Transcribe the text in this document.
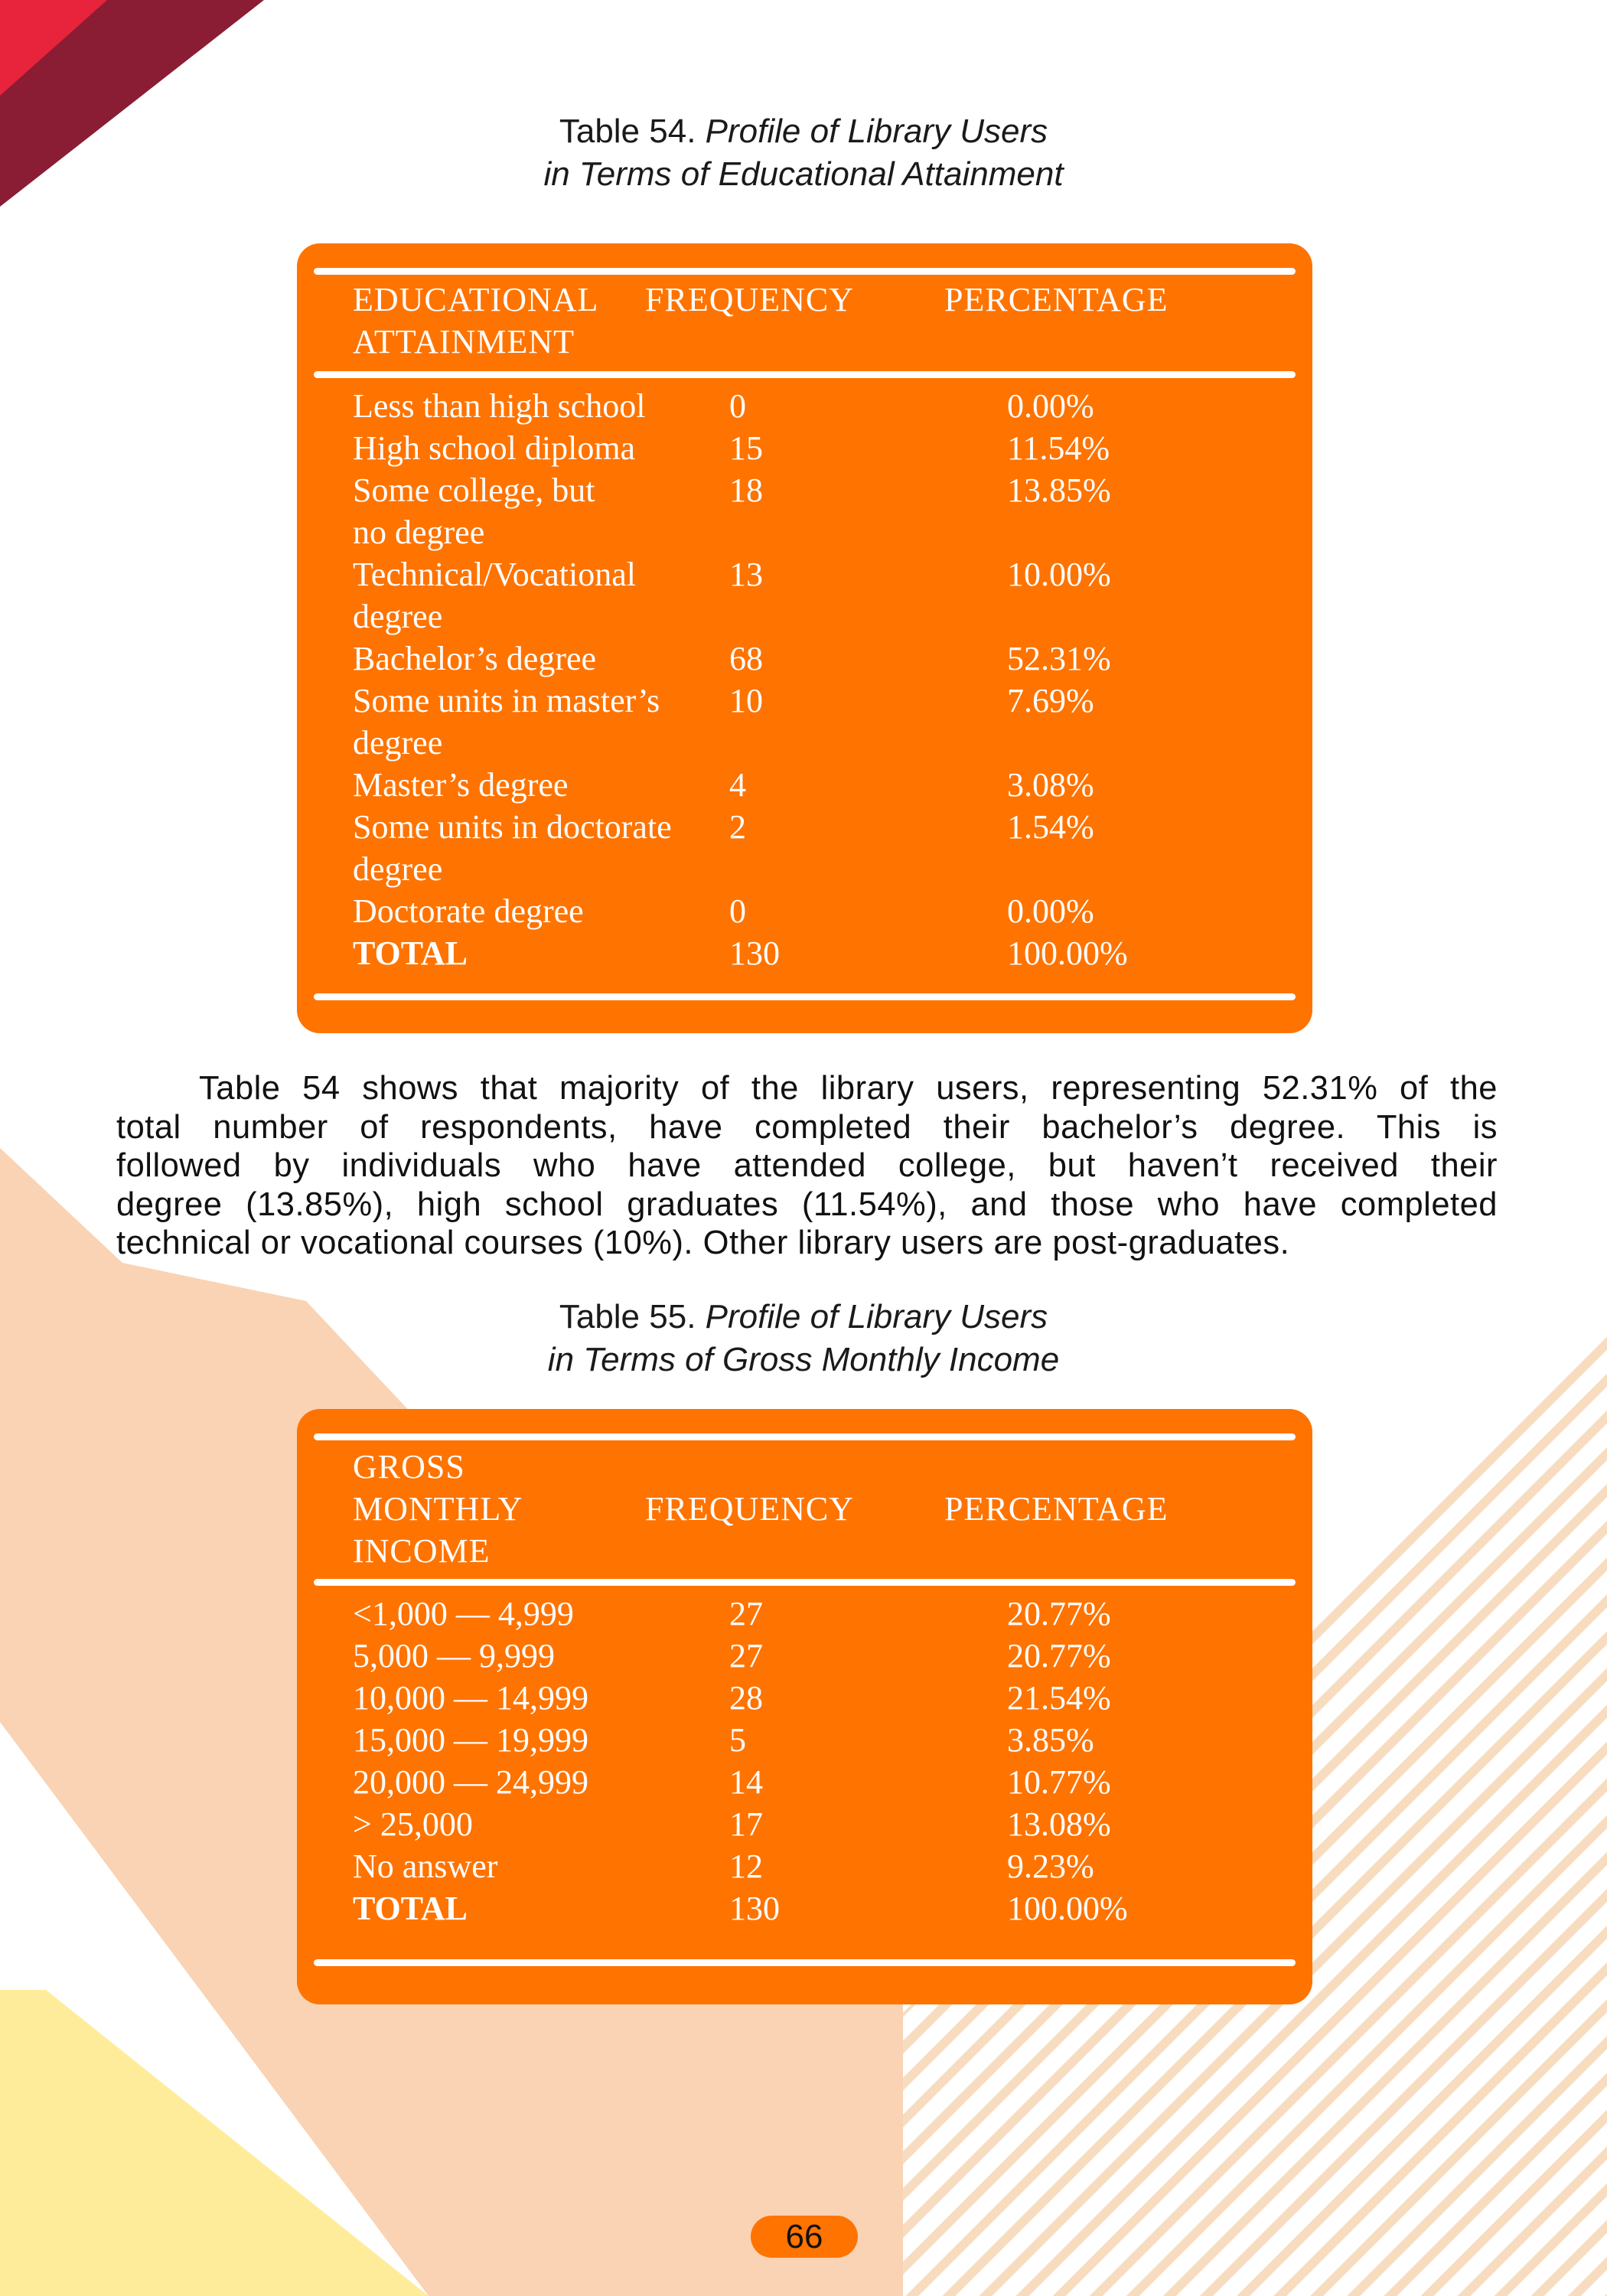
Table 54. Profile of Library Users
in Terms of Educational Attainment
EDUCATIONAL
ATTAINMENT
FREQUENCY	PERCENTAGE
Less than high school 0	0.00%
High school diploma	15	11.54%
Some college, but
no degree
18	13.85%
Technical/Vocational
degree
13	10.00%
Bachelor’s degree	68	52.31%
Some units in master’s
degree
10	7.69%
Master’s degree	4	3.08%
Some units in doctorate
degree
2	1.54%
Doctorate degree	0	0.00%
TOTAL	130	100.00%
Table 54 shows that majority of the library users, representing 52.31% of the
total number of respondents, have completed their bachelor’s degree. This is
followed by individuals who have attended college, but haven’t received their
degree (13.85%), high school graduates (11.54%), and those who have completed
technical or vocational courses (10%). Other library users are post-graduates.
Table 55. Profile of Library Users
in Terms of Gross Monthly Income
GROSS
MONTHLY
INCOME
FREQUENCY	PERCENTAGE
<1,000 — 4,999	27	20.77%
5,000 — 9,999	27	20.77%
10,000 — 14,999	28	21.54%
15,000 — 19,999	5	3.85%
20,000 — 24,999	14	10.77%
> 25,000	17	13.08%
No answer	12	9.23%
TOTAL	130	100.00%
66
